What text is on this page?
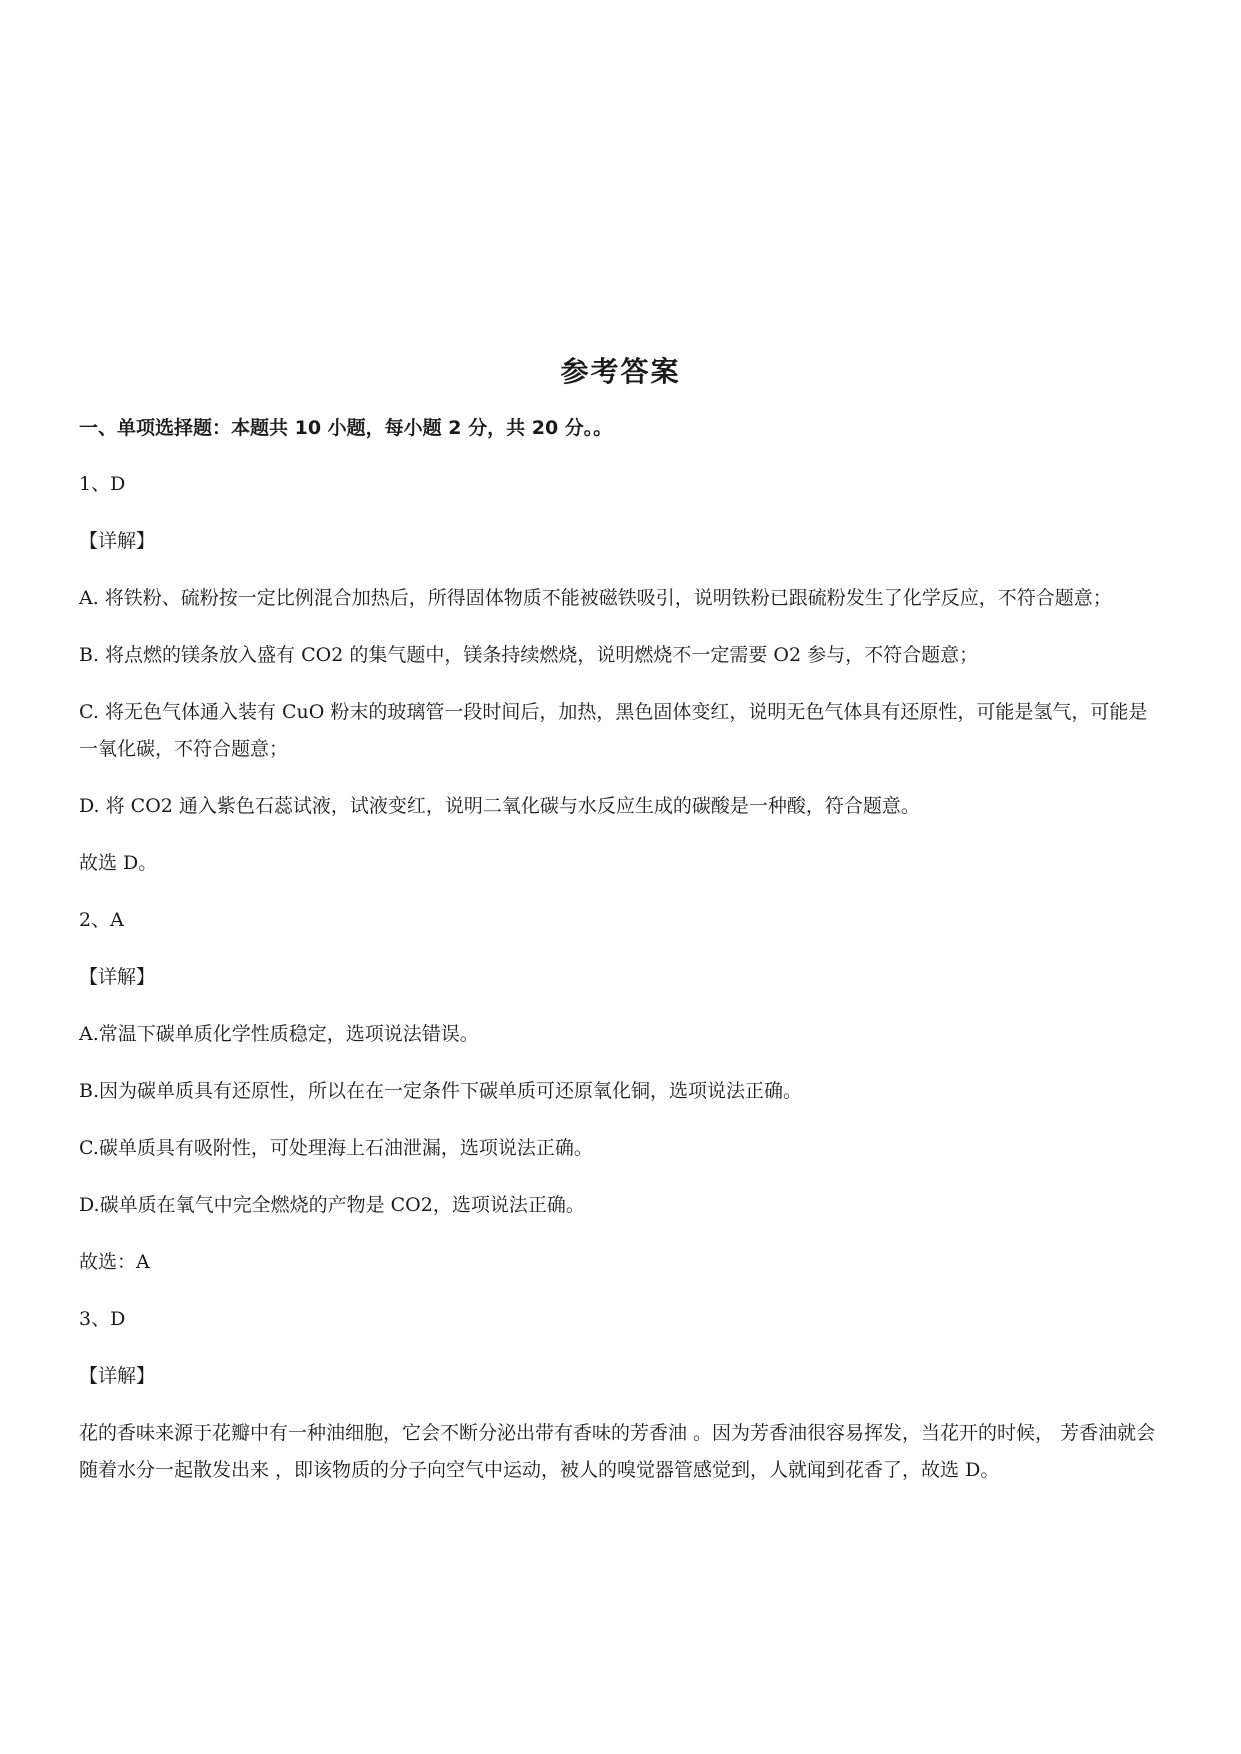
参考答案
一、单项选择题：本题共 10 小题，每小题 2 分，共 20 分。。

1、D

【详解】

A. 将铁粉、硫粉按一定比例混合加热后，所得固体物质不能被磁铁吸引，说明铁粉已跟硫粉发生了化学反应，不符合题意；

B. 将点燃的镁条放入盛有 CO2 的集气题中，镁条持续燃烧，说明燃烧不一定需要 O2 参与，不符合题意；

C. 将无色气体通入装有 CuO 粉末的玻璃管一段时间后，加热，黑色固体变红，说明无色气体具有还原性，可能是氢气，可能是一氧化碳，不符合题意；

D. 将 CO2 通入紫色石蕊试液，试液变红，说明二氧化碳与水反应生成的碳酸是一种酸，符合题意。

故选 D。

2、A

【详解】

A.常温下碳单质化学性质稳定，选项说法错误。

B.因为碳单质具有还原性，所以在在一定条件下碳单质可还原氧化铜，选项说法正确。

C.碳单质具有吸附性，可处理海上石油泄漏，选项说法正确。

D.碳单质在氧气中完全燃烧的产物是 CO2，选项说法正确。

故选：A

3、D

【详解】

花的香味来源于花瓣中有一种油细胞，它会不断分泌出带有香味的芳香油 。因为芳香油很容易挥发，当花开的时候， 芳香油就会随着水分一起散发出来 ，即该物质的分子向空气中运动，被人的嗅觉器管感觉到，人就闻到花香了，故选 D。
